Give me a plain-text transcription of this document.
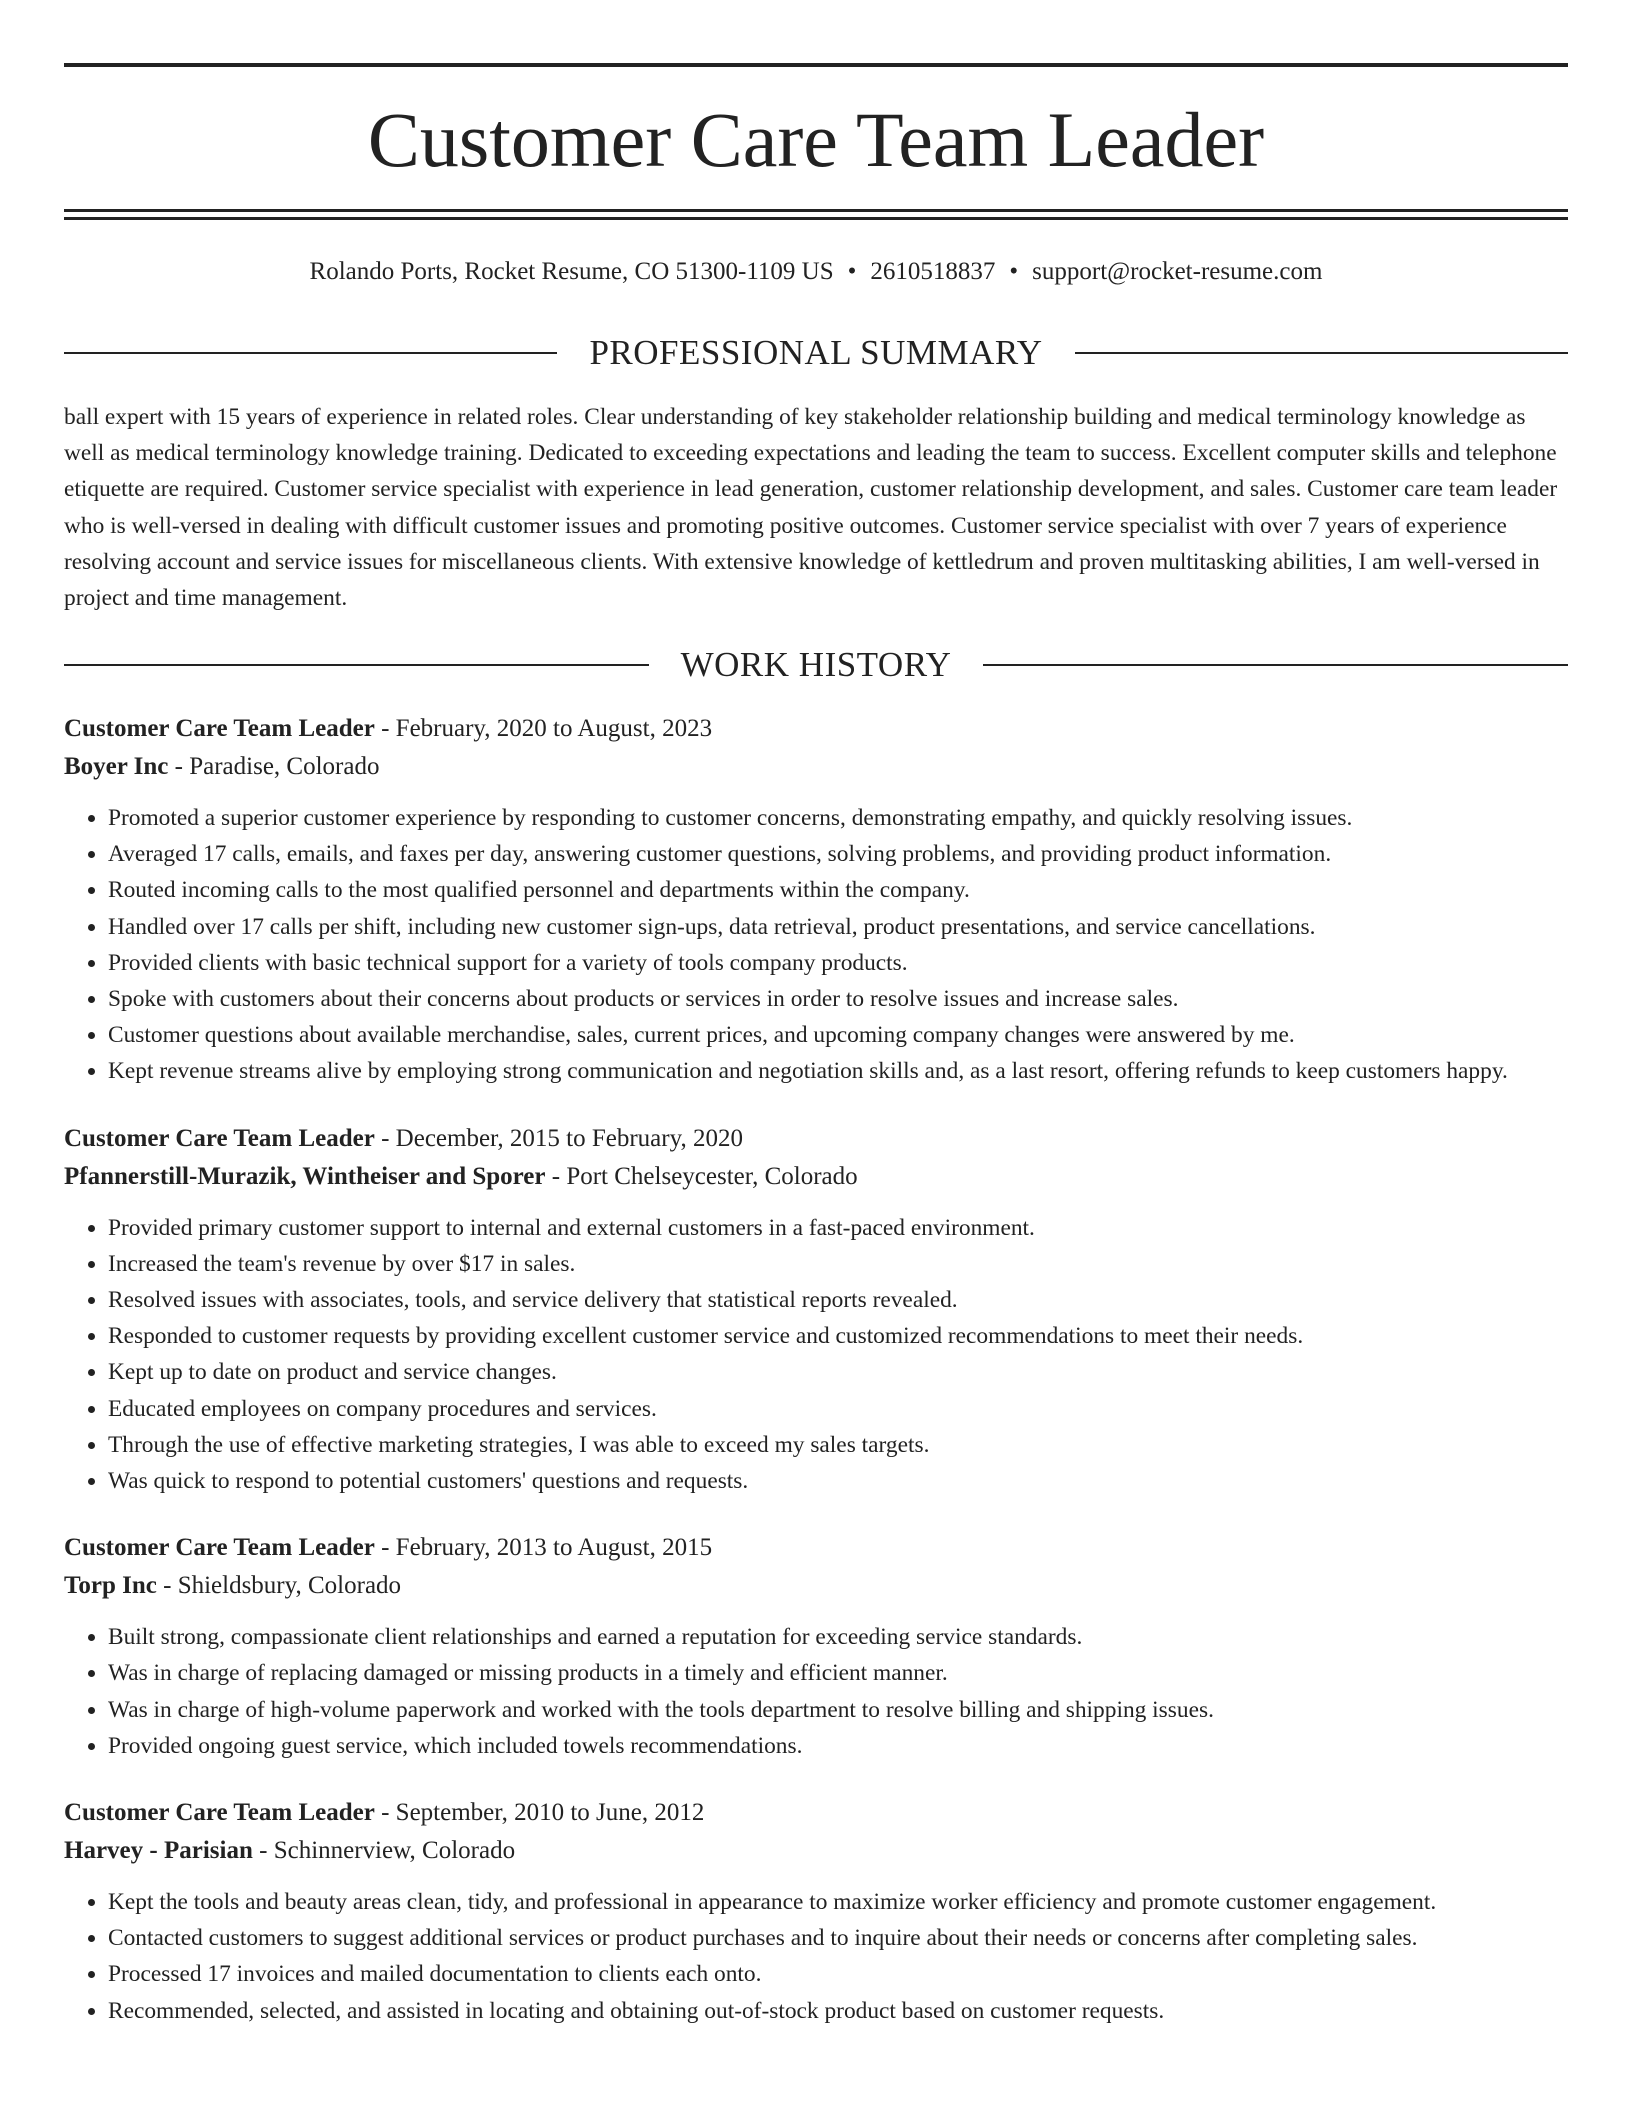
Customer Care Team Leader
Rolando Ports, Rocket Resume, CO 51300-1109 US • 2610518837 • support@rocket-resume.com
PROFESSIONAL SUMMARY

ball expert with 15 years of experience in related roles. Clear understanding of key stakeholder relationship building and medical terminology knowledge as well as medical terminology knowledge training. Dedicated to exceeding expectations and leading the team to success. Excellent computer skills and telephone etiquette are required. Customer service specialist with experience in lead generation, customer relationship development, and sales. Customer care team leader who is well-versed in dealing with difficult customer issues and promoting positive outcomes. Customer service specialist with over 7 years of experience resolving account and service issues for miscellaneous clients. With extensive knowledge of kettledrum and proven multitasking abilities, I am well-versed in project and time management.

WORK HISTORY
Customer Care Team Leader - February, 2020 to August, 2023
Boyer Inc - Paradise, Colorado
• Promoted a superior customer experience by responding to customer concerns, demonstrating empathy, and quickly resolving issues.
• Averaged 17 calls, emails, and faxes per day, answering customer questions, solving problems, and providing product information.
• Routed incoming calls to the most qualified personnel and departments within the company.
• Handled over 17 calls per shift, including new customer sign-ups, data retrieval, product presentations, and service cancellations.
• Provided clients with basic technical support for a variety of tools company products.
• Spoke with customers about their concerns about products or services in order to resolve issues and increase sales.
• Customer questions about available merchandise, sales, current prices, and upcoming company changes were answered by me.
• Kept revenue streams alive by employing strong communication and negotiation skills and, as a last resort, offering refunds to keep customers happy.
Customer Care Team Leader - December, 2015 to February, 2020
Pfannerstill-Murazik, Wintheiser and Sporer - Port Chelseycester, Colorado
• Provided primary customer support to internal and external customers in a fast-paced environment.
• Increased the team's revenue by over $17 in sales.
• Resolved issues with associates, tools, and service delivery that statistical reports revealed.
• Responded to customer requests by providing excellent customer service and customized recommendations to meet their needs.
• Kept up to date on product and service changes.
• Educated employees on company procedures and services.
• Through the use of effective marketing strategies, I was able to exceed my sales targets.
• Was quick to respond to potential customers' questions and requests.
Customer Care Team Leader - February, 2013 to August, 2015
Torp Inc - Shieldsbury, Colorado
• Built strong, compassionate client relationships and earned a reputation for exceeding service standards.
• Was in charge of replacing damaged or missing products in a timely and efficient manner.
• Was in charge of high-volume paperwork and worked with the tools department to resolve billing and shipping issues.
• Provided ongoing guest service, which included towels recommendations.
Customer Care Team Leader - September, 2010 to June, 2012
Harvey - Parisian - Schinnerview, Colorado
• Kept the tools and beauty areas clean, tidy, and professional in appearance to maximize worker efficiency and promote customer engagement.
• Contacted customers to suggest additional services or product purchases and to inquire about their needs or concerns after completing sales.
• Processed 17 invoices and mailed documentation to clients each onto.
• Recommended, selected, and assisted in locating and obtaining out-of-stock product based on customer requests.
